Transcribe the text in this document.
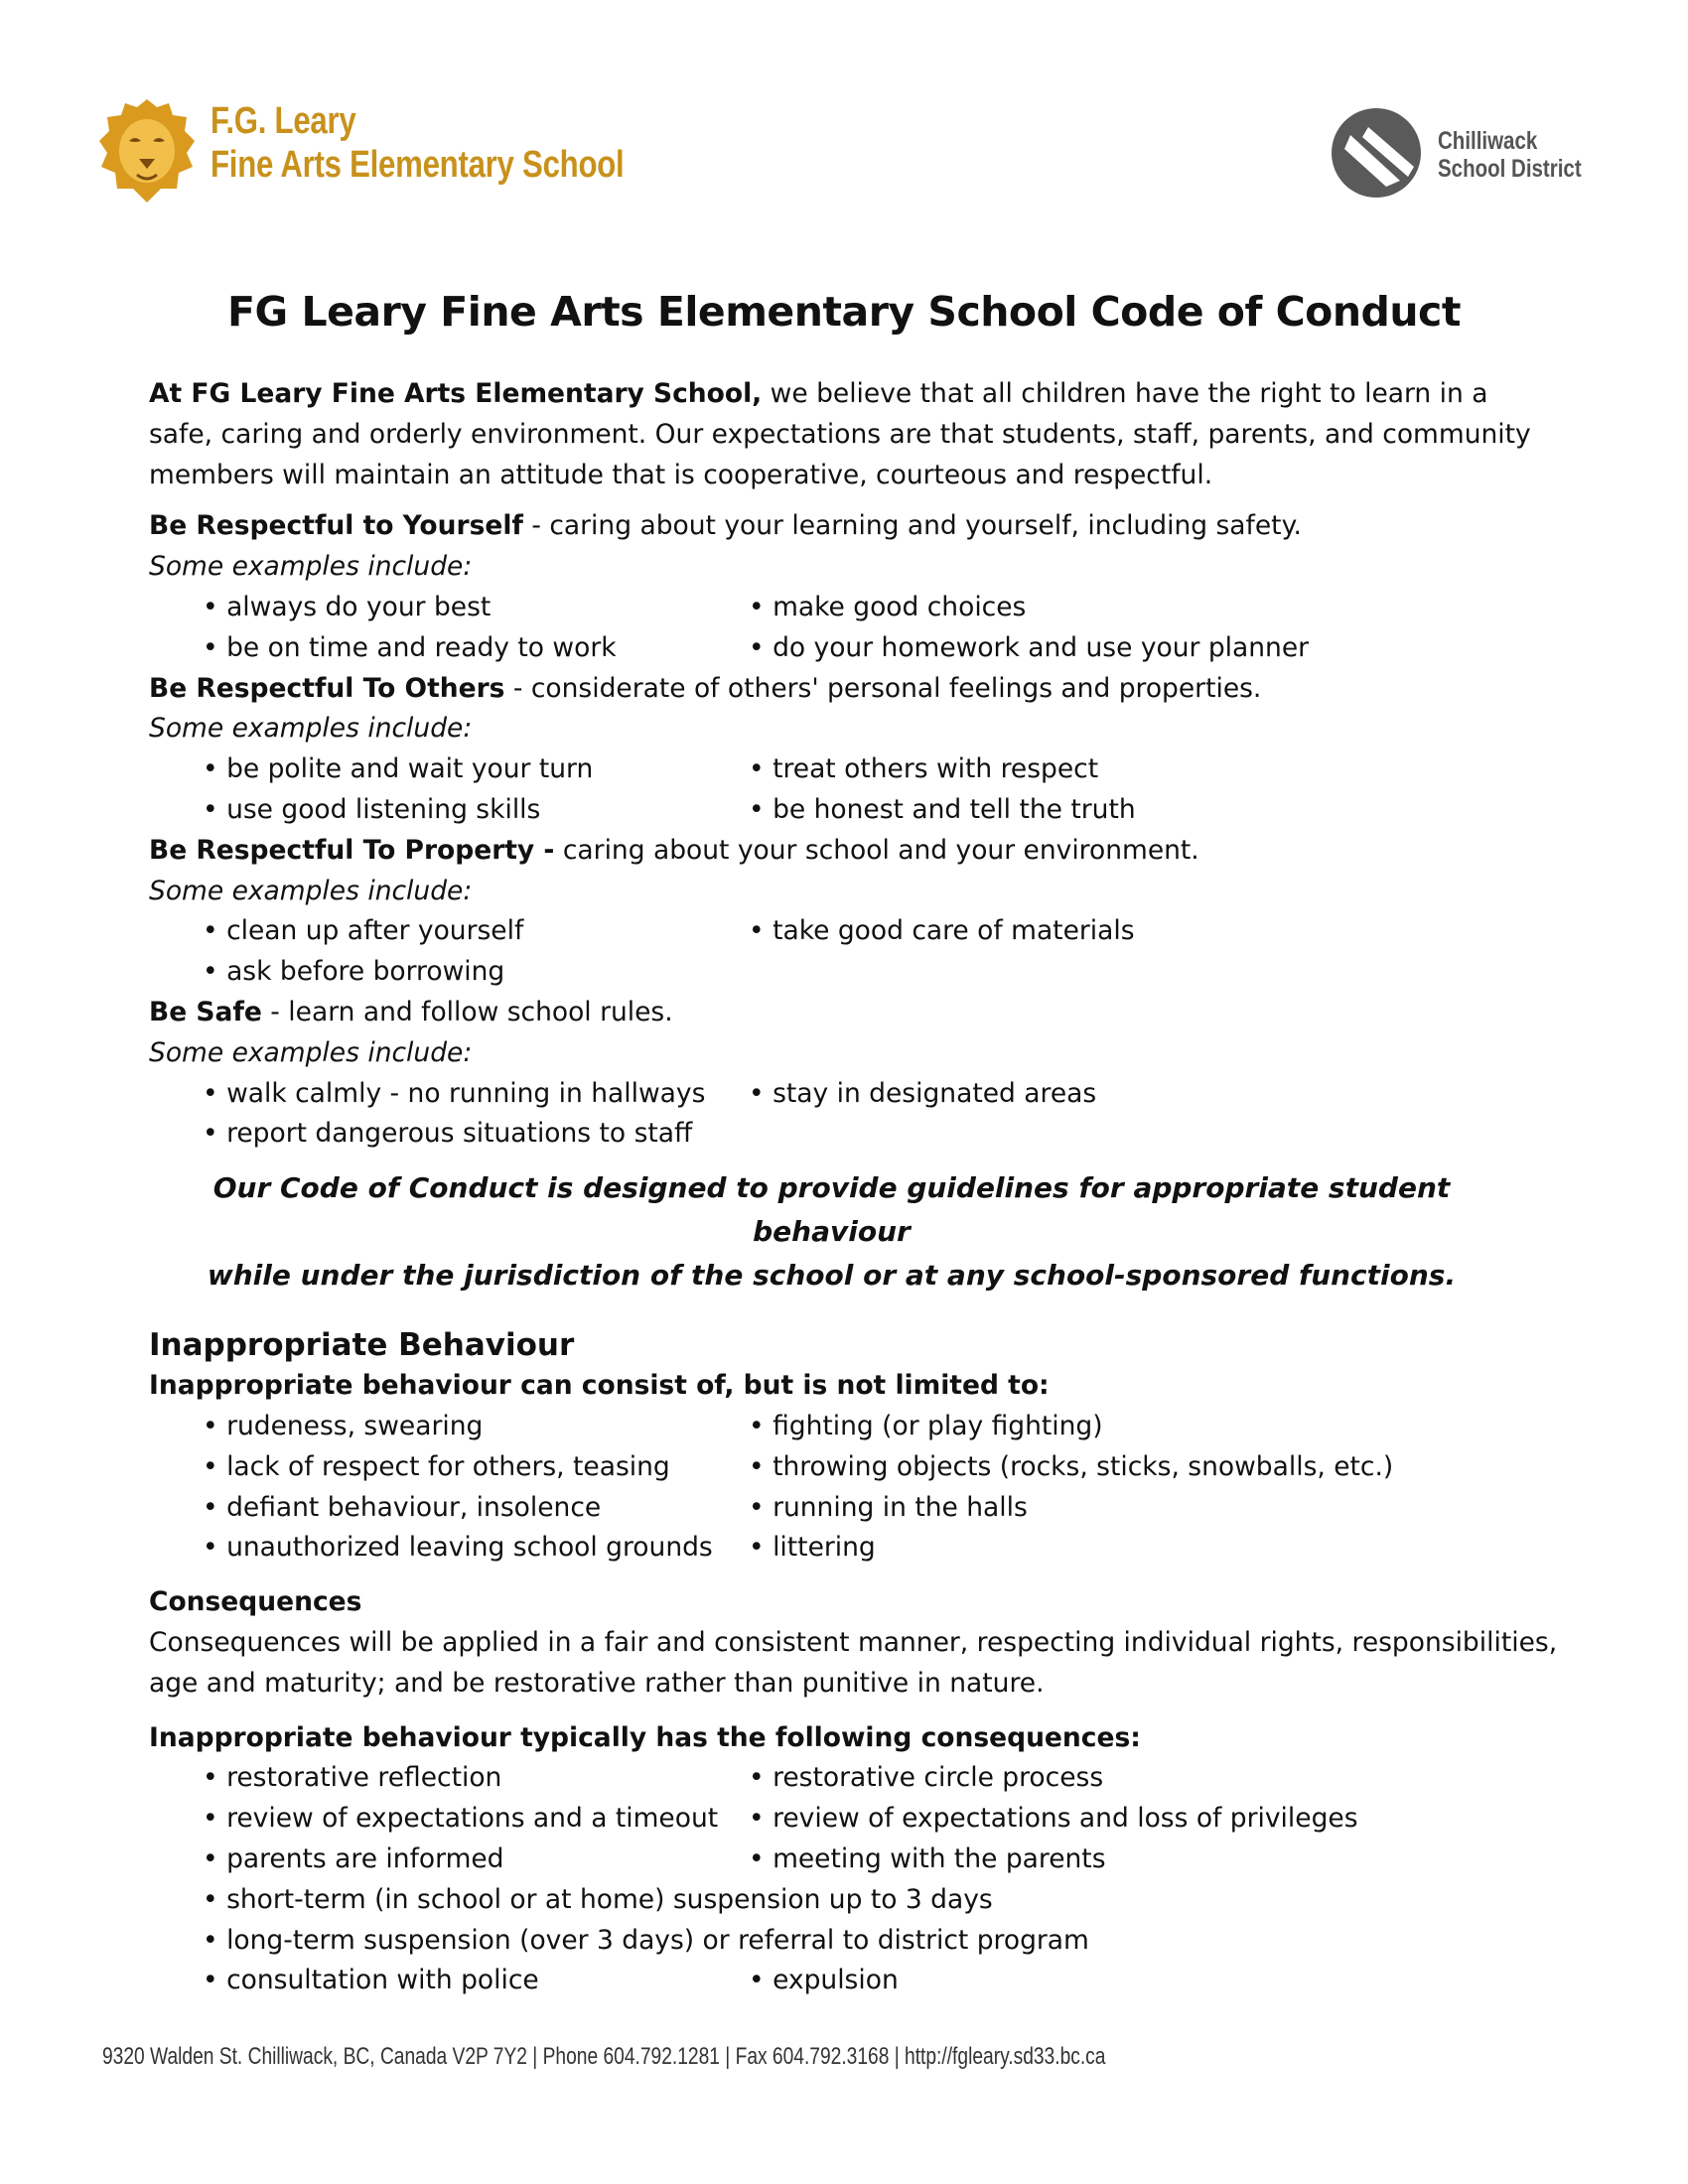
F.G. Leary
Fine Arts Elementary School
Chilliwack
School District
FG Leary Fine Arts Elementary School Code of Conduct

At FG Leary Fine Arts Elementary School, we believe that all children have the right to learn in a safe, caring and orderly environment. Our expectations are that students, staff, parents, and community members will maintain an attitude that is cooperative, courteous and respectful.

Be Respectful to Yourself - caring about your learning and yourself, including safety.

Some examples include:

• always do your best	• make good choices
• be on time and ready to work	• do your homework and use your planner

Be Respectful To Others - considerate of others' personal feelings and properties.

Some examples include:

• be polite and wait your turn	• treat others with respect
• use good listening skills	• be honest and tell the truth

Be Respectful To Property - caring about your school and your environment.

Some examples include:

• clean up after yourself	• take good care of materials

• ask before borrowing

Be Safe - learn and follow school rules.

Some examples include:

• walk calmly - no running in hallways	• stay in designated areas

• report dangerous situations to staff

Our Code of Conduct is designed to provide guidelines for appropriate student behaviour
while under the jurisdiction of the school or at any school-sponsored functions.

Inappropriate Behaviour

Inappropriate behaviour can consist of, but is not limited to:

• rudeness, swearing	• fighting (or play fighting)
• lack of respect for others, teasing	• throwing objects (rocks, sticks, snowballs, etc.)
• defiant behaviour, insolence	• running in the halls
• unauthorized leaving school grounds	• littering

Consequences

Consequences will be applied in a fair and consistent manner, respecting individual rights, responsibilities, age and maturity; and be restorative rather than punitive in nature.

Inappropriate behaviour typically has the following consequences:

• restorative reflection	• restorative circle process
• review of expectations and a timeout	• review of expectations and loss of privileges
• parents are informed	• meeting with the parents

• short-term (in school or at home) suspension up to 3 days

• long-term suspension (over 3 days) or referral to district program

• consultation with police	• expulsion
9320 Walden St. Chilliwack, BC, Canada V2P 7Y2 | Phone 604.792.1281 | Fax 604.792.3168 | http://fgleary.sd33.bc.ca
